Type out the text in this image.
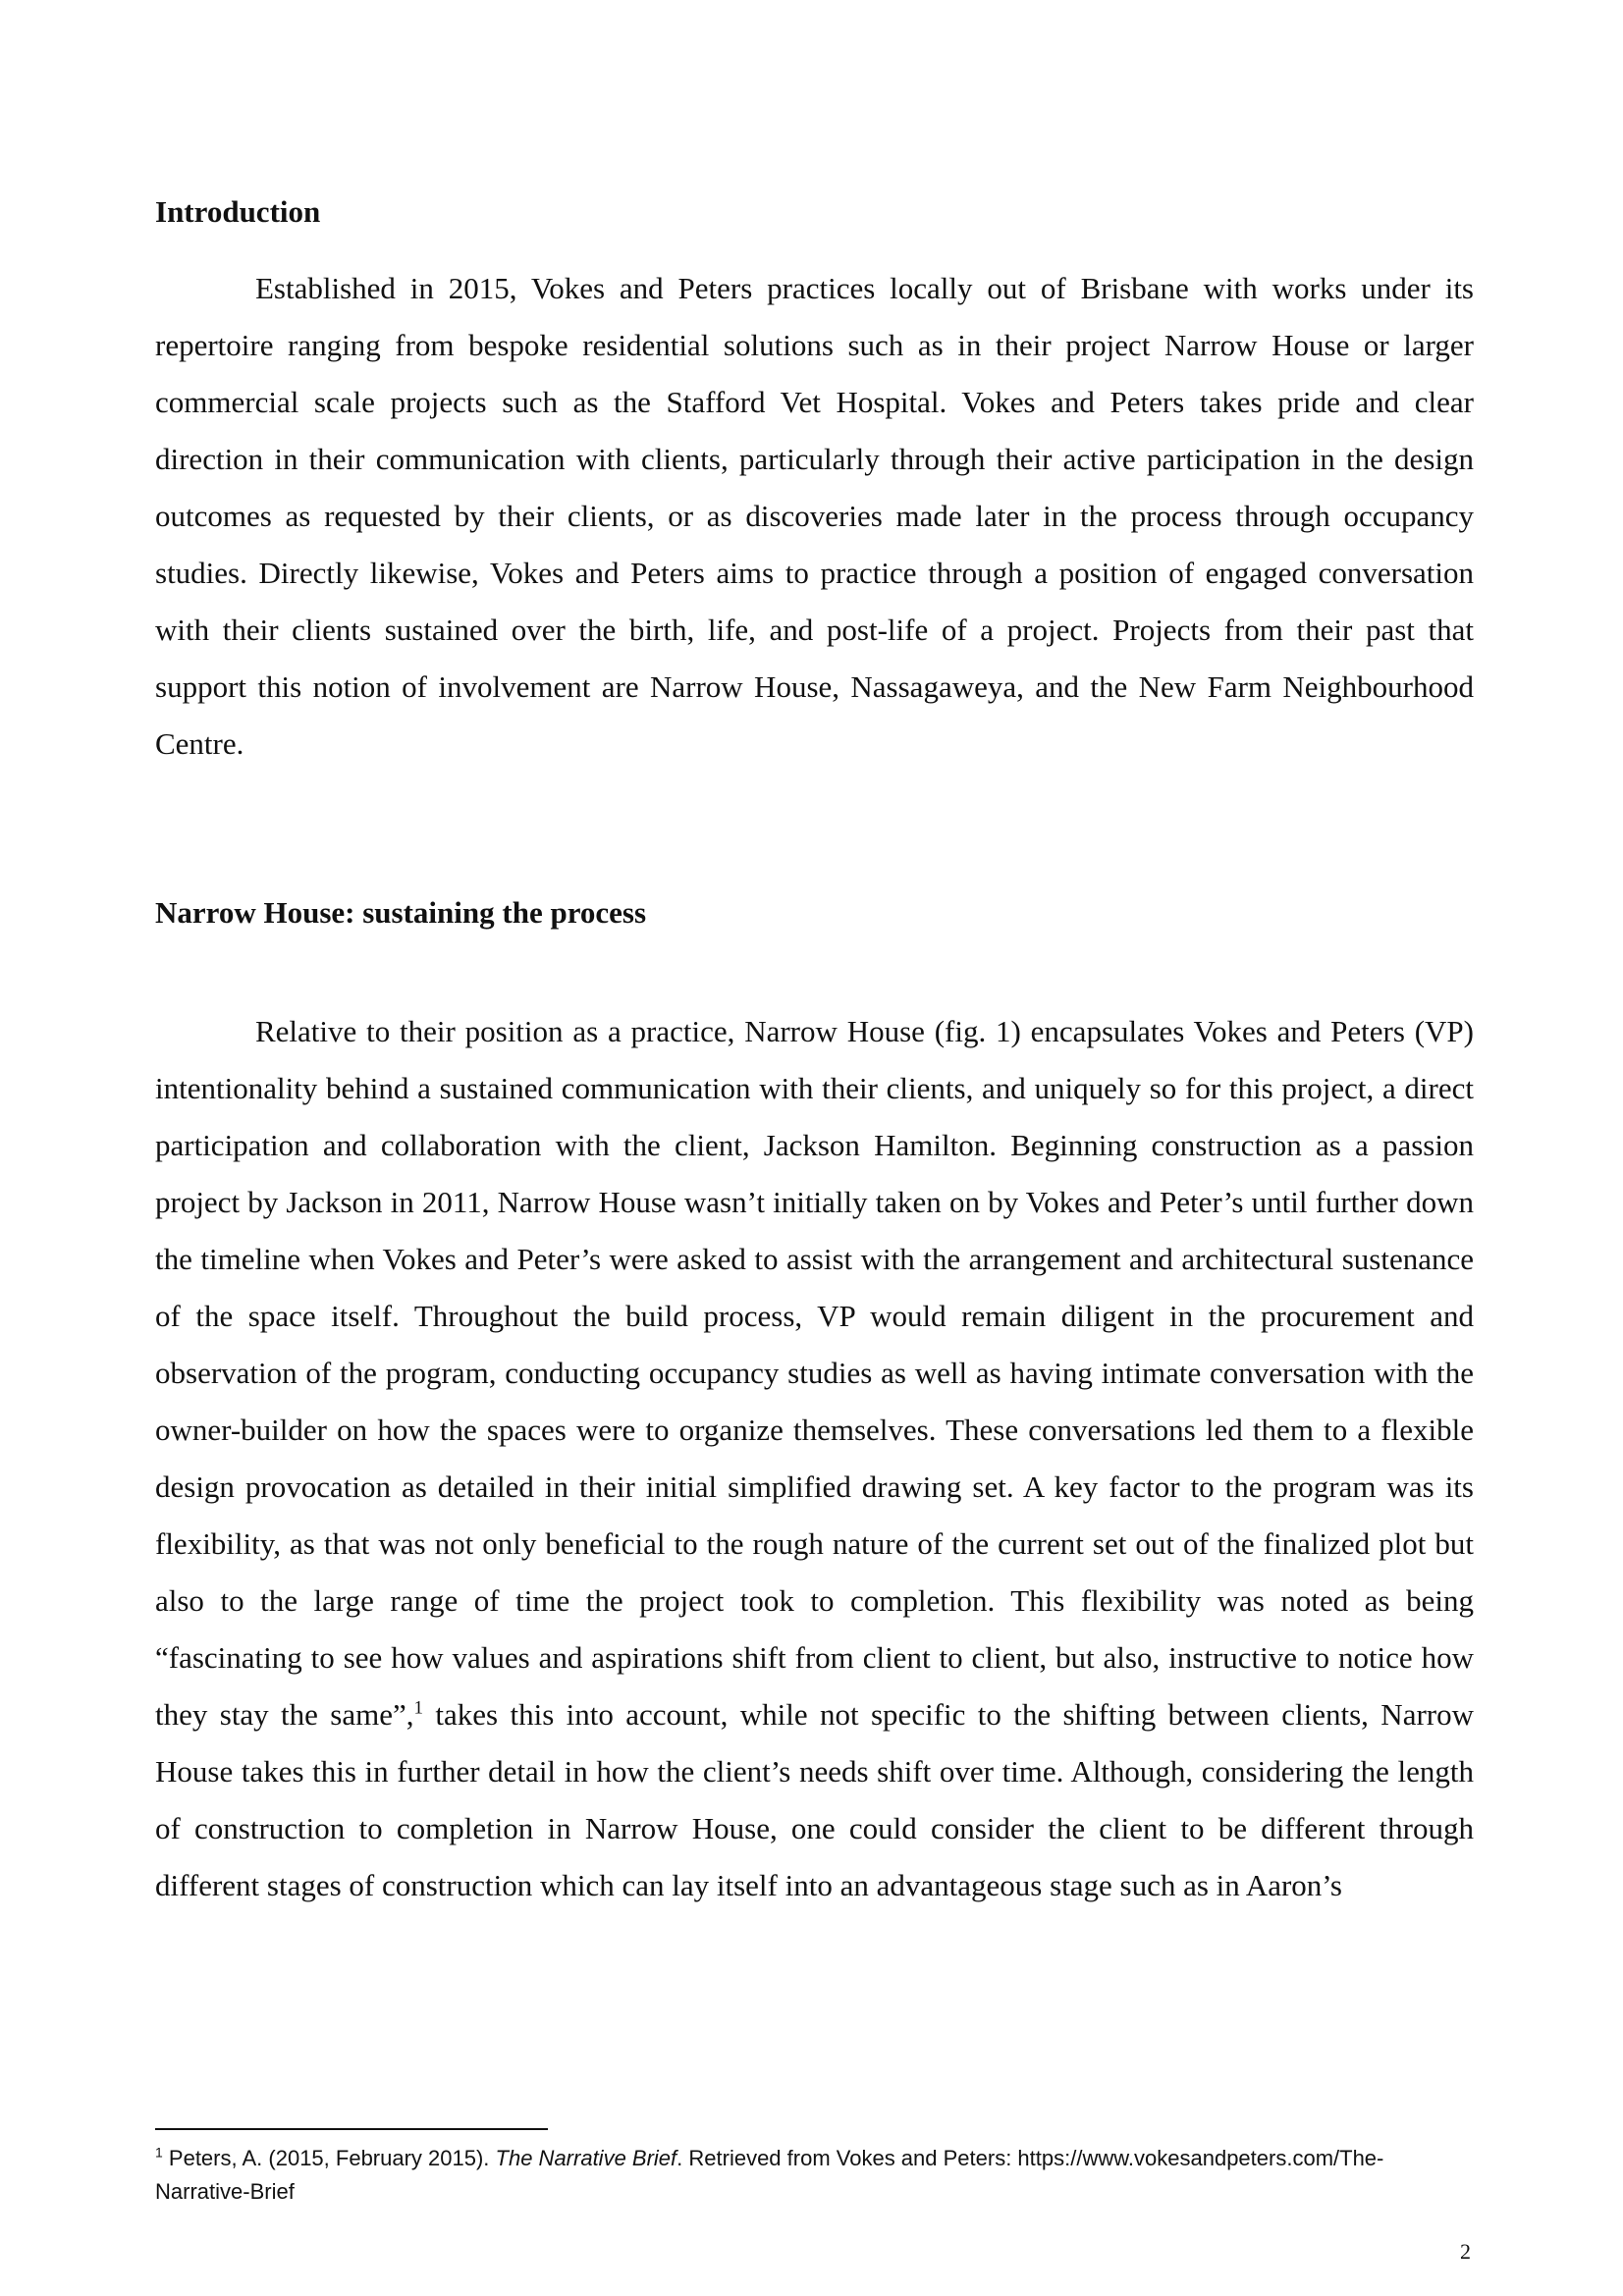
Introduction

Established in 2015, Vokes and Peters practices locally out of Brisbane with works under its repertoire ranging from bespoke residential solutions such as in their project Narrow House or larger commercial scale projects such as the Stafford Vet Hospital. Vokes and Peters takes pride and clear direction in their communication with clients, particularly through their active participation in the design outcomes as requested by their clients, or as discoveries made later in the process through occupancy studies. Directly likewise, Vokes and Peters aims to practice through a position of engaged conversation with their clients sustained over the birth, life, and post-life of a project. Projects from their past that support this notion of involvement are Narrow House, Nassagaweya, and the New Farm Neighbourhood Centre.

Narrow House: sustaining the process

Relative to their position as a practice, Narrow House (fig. 1) encapsulates Vokes and Peters (VP) intentionality behind a sustained communication with their clients, and uniquely so for this project, a direct participation and collaboration with the client, Jackson Hamilton. Beginning construction as a passion project by Jackson in 2011, Narrow House wasn’t initially taken on by Vokes and Peter’s until further down the timeline when Vokes and Peter’s were asked to assist with the arrangement and architectural sustenance of the space itself. Throughout the build process, VP would remain diligent in the procurement and observation of the program, conducting occupancy studies as well as having intimate conversation with the owner-builder on how the spaces were to organize themselves. These conversations led them to a flexible design provocation as detailed in their initial simplified drawing set. A key factor to the program was its flexibility, as that was not only beneficial to the rough nature of the current set out of the finalized plot but also to the large range of time the project took to completion. This flexibility was noted as being “fascinating to see how values and aspirations shift from client to client, but also, instructive to notice how they stay the same”,$^1$ takes this into account, while not specific to the shifting between clients, Narrow House takes this in further detail in how the client’s needs shift over time. Although, considering the length of construction to completion in Narrow House, one could consider the client to be different through different stages of construction which can lay itself into an advantageous stage such as in Aaron’s

$^1$ Peters, A. (2015, February 2015). The Narrative Brief. Retrieved from Vokes and Peters: https://www.vokesandpeters.com/The-Narrative-Brief

2
